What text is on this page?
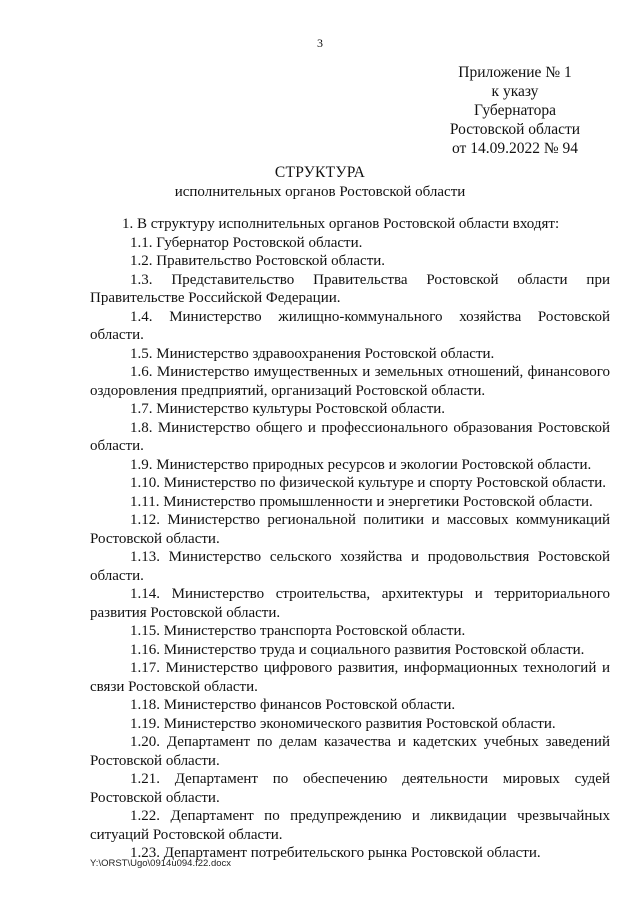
3
Приложение № 1
к указу
Губернатора
Ростовской области
от 14.09.2022 № 94
СТРУКТУРА
исполнительных органов Ростовской области

1. В структуру исполнительных органов Ростовской области входят:

1.1. Губернатор Ростовской области.

1.2. Правительство Ростовской области.

1.3. Представительство Правительства Ростовской области при Правительстве Российской Федерации.

1.4. Министерство жилищно-коммунального хозяйства Ростовской области.

1.5. Министерство здравоохранения Ростовской области.

1.6. Министерство имущественных и земельных отношений, финансового оздоровления предприятий, организаций Ростовской области.

1.7. Министерство культуры Ростовской области.

1.8. Министерство общего и профессионального образования Ростовской области.

1.9. Министерство природных ресурсов и экологии Ростовской области.

1.10. Министерство по физической культуре и спорту Ростовской области.

1.11. Министерство промышленности и энергетики Ростовской области.

1.12. Министерство региональной политики и массовых коммуникаций Ростовской области.

1.13. Министерство сельского хозяйства и продовольствия Ростовской области.

1.14. Министерство строительства, архитектуры и территориального развития Ростовской области.

1.15. Министерство транспорта Ростовской области.

1.16. Министерство труда и социального развития Ростовской области.

1.17. Министерство цифрового развития, информационных технологий и связи Ростовской области.

1.18. Министерство финансов Ростовской области.

1.19. Министерство экономического развития Ростовской области.

1.20. Департамент по делам казачества и кадетских учебных заведений Ростовской области.

1.21. Департамент по обеспечению деятельности мировых судей Ростовской области.

1.22. Департамент по предупреждению и ликвидации чрезвычайных ситуаций Ростовской области.

1.23. Департамент потребительского рынка Ростовской области.

Y:\ORST\Ugo\0914u094.f22.docx
